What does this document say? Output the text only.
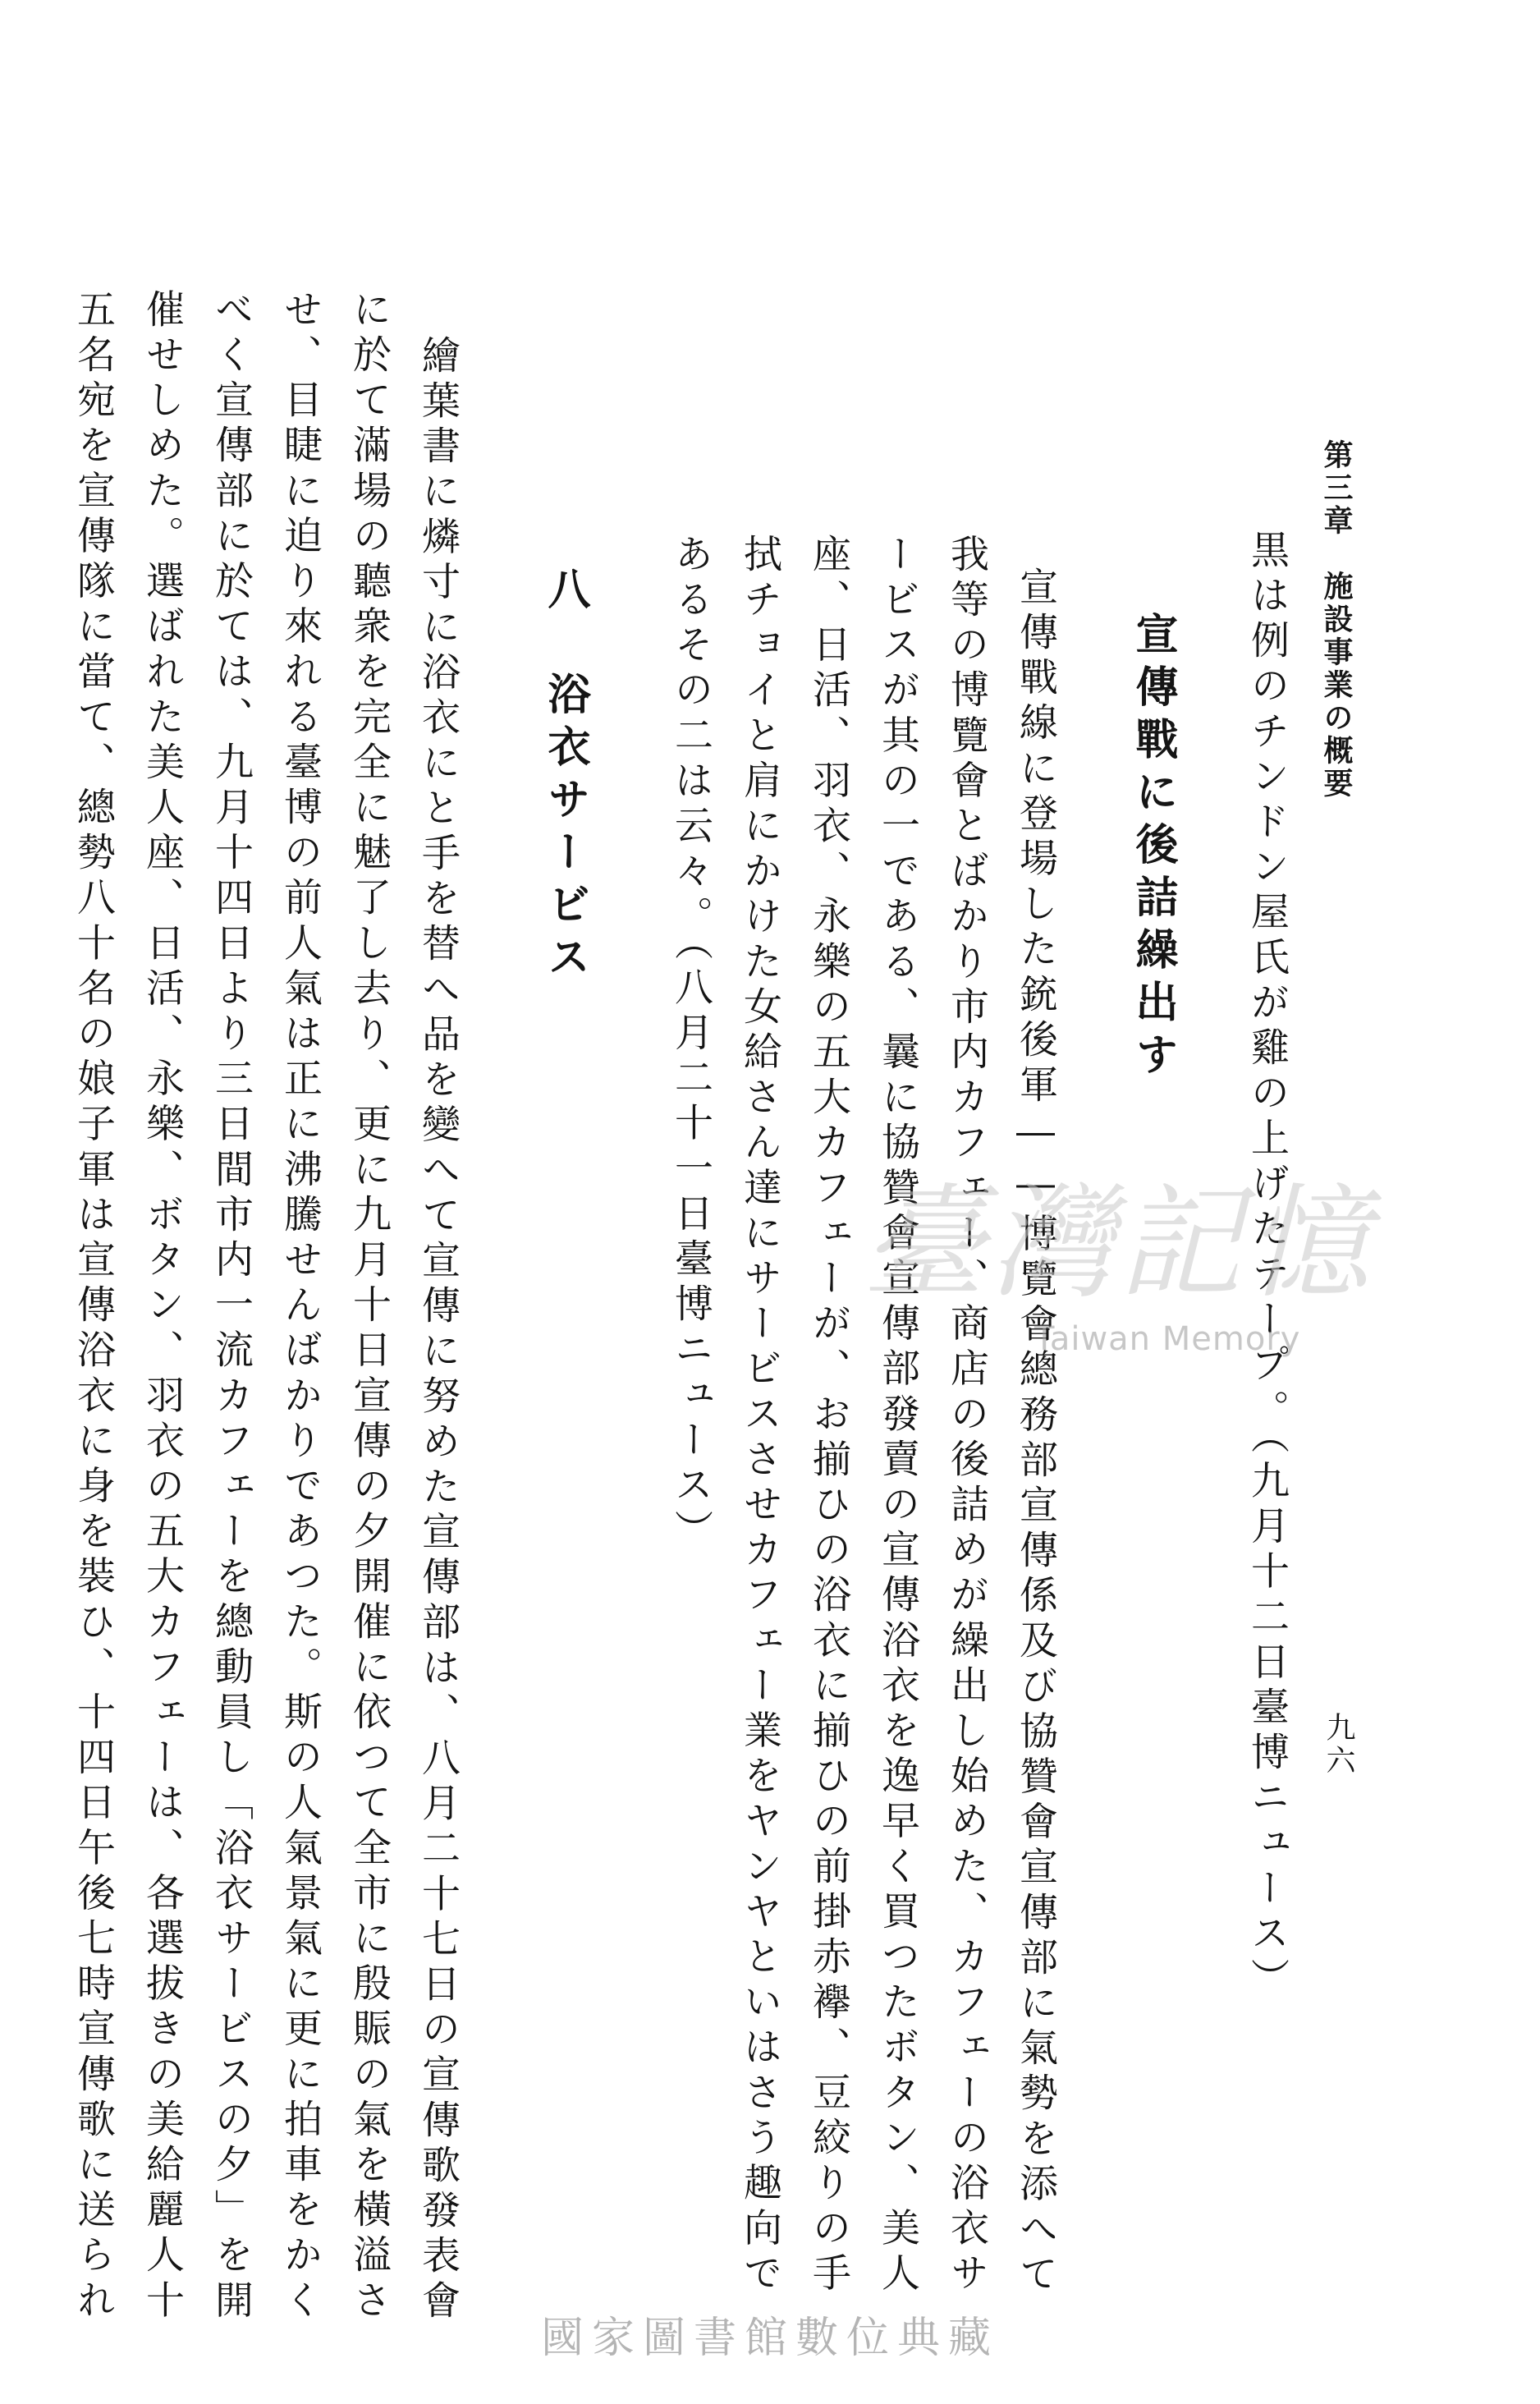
第三章　施設事業の概要
九六
黒は例のチンドン屋氏が雞の上げたテープ。（九月十二日臺博ニュース）
宣傳戰に後詰繰出す
宣傳戰線に登場した銃後軍――博覽會總務部宣傳係及び協贊會宣傳部に氣勢を添へて
我等の博覽會とばかり市内カフェー、商店の後詰めが繰出し始めた、カフェーの浴衣サ
ービスが其の一である、曩に協贊會宣傳部發賣の宣傳浴衣を逸早く買つたボタン、美人
座、日活、羽衣、永樂の五大カフェーが、お揃ひの浴衣に揃ひの前掛赤襷、豆絞りの手
拭チョイと肩にかけた女給さん達にサービスさせカフェー業をヤンヤといはさう趣向で
あるその二は云々。（八月二十一日臺博ニュース）
八　浴衣サービス
繪葉書に燐寸に浴衣にと手を替へ品を變へて宣傳に努めた宣傳部は、八月二十七日の宣傳歌發表會
に於て滿場の聽衆を完全に魅了し去り、更に九月十日宣傳の夕開催に依つて全市に殷賑の氣を橫溢さ
せ、目睫に迫り來れる臺博の前人氣は正に沸騰せんばかりであつた。斯の人氣景氣に更に拍車をかく
べく宣傳部に於ては、九月十四日より三日間市内一流カフェーを總動員し「浴衣サービスの夕」を開
催せしめた。選ばれた美人座、日活、永樂、ボタン、羽衣の五大カフェーは、各選拔きの美給麗人十
五名宛を宣傳隊に當て、總勢八十名の娘子軍は宣傳浴衣に身を裝ひ、十四日午後七時宣傳歌に送られ	臺灣記憶
Taiwan Memory
國家圖書館數位典藏
